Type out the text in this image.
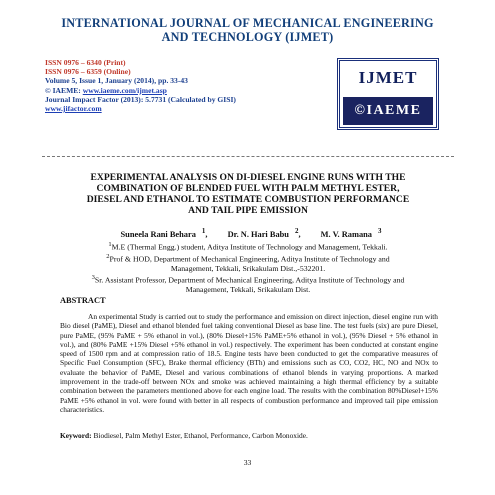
INTERNATIONAL JOURNAL OF MECHANICAL ENGINEERING
AND TECHNOLOGY (IJMET)
ISSN 0976 – 6340 (Print)
ISSN 0976 – 6359 (Online)
Volume 5, Issue 1, January (2014), pp. 33-43
© IAEME: www.iaeme.com/ijmet.asp
Journal Impact Factor (2013): 5.7731 (Calculated by GISI)
www.jifactor.com
IJMET
©IAEME
EXPERIMENTAL ANALYSIS ON DI-DIESEL ENGINE RUNS WITH THE
COMBINATION OF BLENDED FUEL WITH PALM METHYL ESTER,
DIESEL AND ETHANOL TO ESTIMATE COMBUSTION PERFORMANCE
AND TAIL PIPE EMISSION
Suneela Rani Behara $^1$, Dr. N. Hari Babu $^2$, M. V. Ramana $^3$
$^1$M.E (Thermal Engg.) student, Aditya Institute of Technology and Management, Tekkali.
$^2$Prof & HOD, Department of Mechanical Engineering, Aditya Institute of Technology and
Management, Tekkali, Srikakulam Dist.,-532201.
$^3$Sr. Assistant Professor, Department of Mechanical Engineering, Aditya Institute of Technology and
Management, Tekkali, Srikakulam Dist.
ABSTRACT
An experimental Study is carried out to study the performance and emission on direct injection, diesel engine run with Bio diesel (PaME), Diesel and ethanol blended fuel taking conventional Diesel as base line. The test fuels (six) are pure Diesel, pure PaME, (95% PaME + 5% ethanol in vol.), (80% Diesel+15% PaME+5% ethanol in vol.), (95% Diesel + 5% ethanol in vol.), and (80% PaME +15% Diesel +5% ethanol in vol.) respectively. The experiment has been conducted at constant engine speed of 1500 rpm and at compression ratio of 18.5. Engine tests have been conducted to get the comparative measures of Specific Fuel Consumption (SFC), Brake thermal efficiency (BTh) and emissions such as CO, CO2, HC, NO and NOx to evaluate the behavior of PaME, Diesel and various combinations of ethanol blends in varying proportions. A marked improvement in the trade-off between NOx and smoke was achieved maintaining a high thermal efficiency by a suitable combination between the parameters mentioned above for each engine load. The results with the combination 80%Diesel+15% PaME +5% ethanol in vol. were found with better in all respects of combustion performance and improved tail pipe emission characteristics.
Keyword: Biodiesel, Palm Methyl Ester, Ethanol, Performance, Carbon Monoxide.
33
